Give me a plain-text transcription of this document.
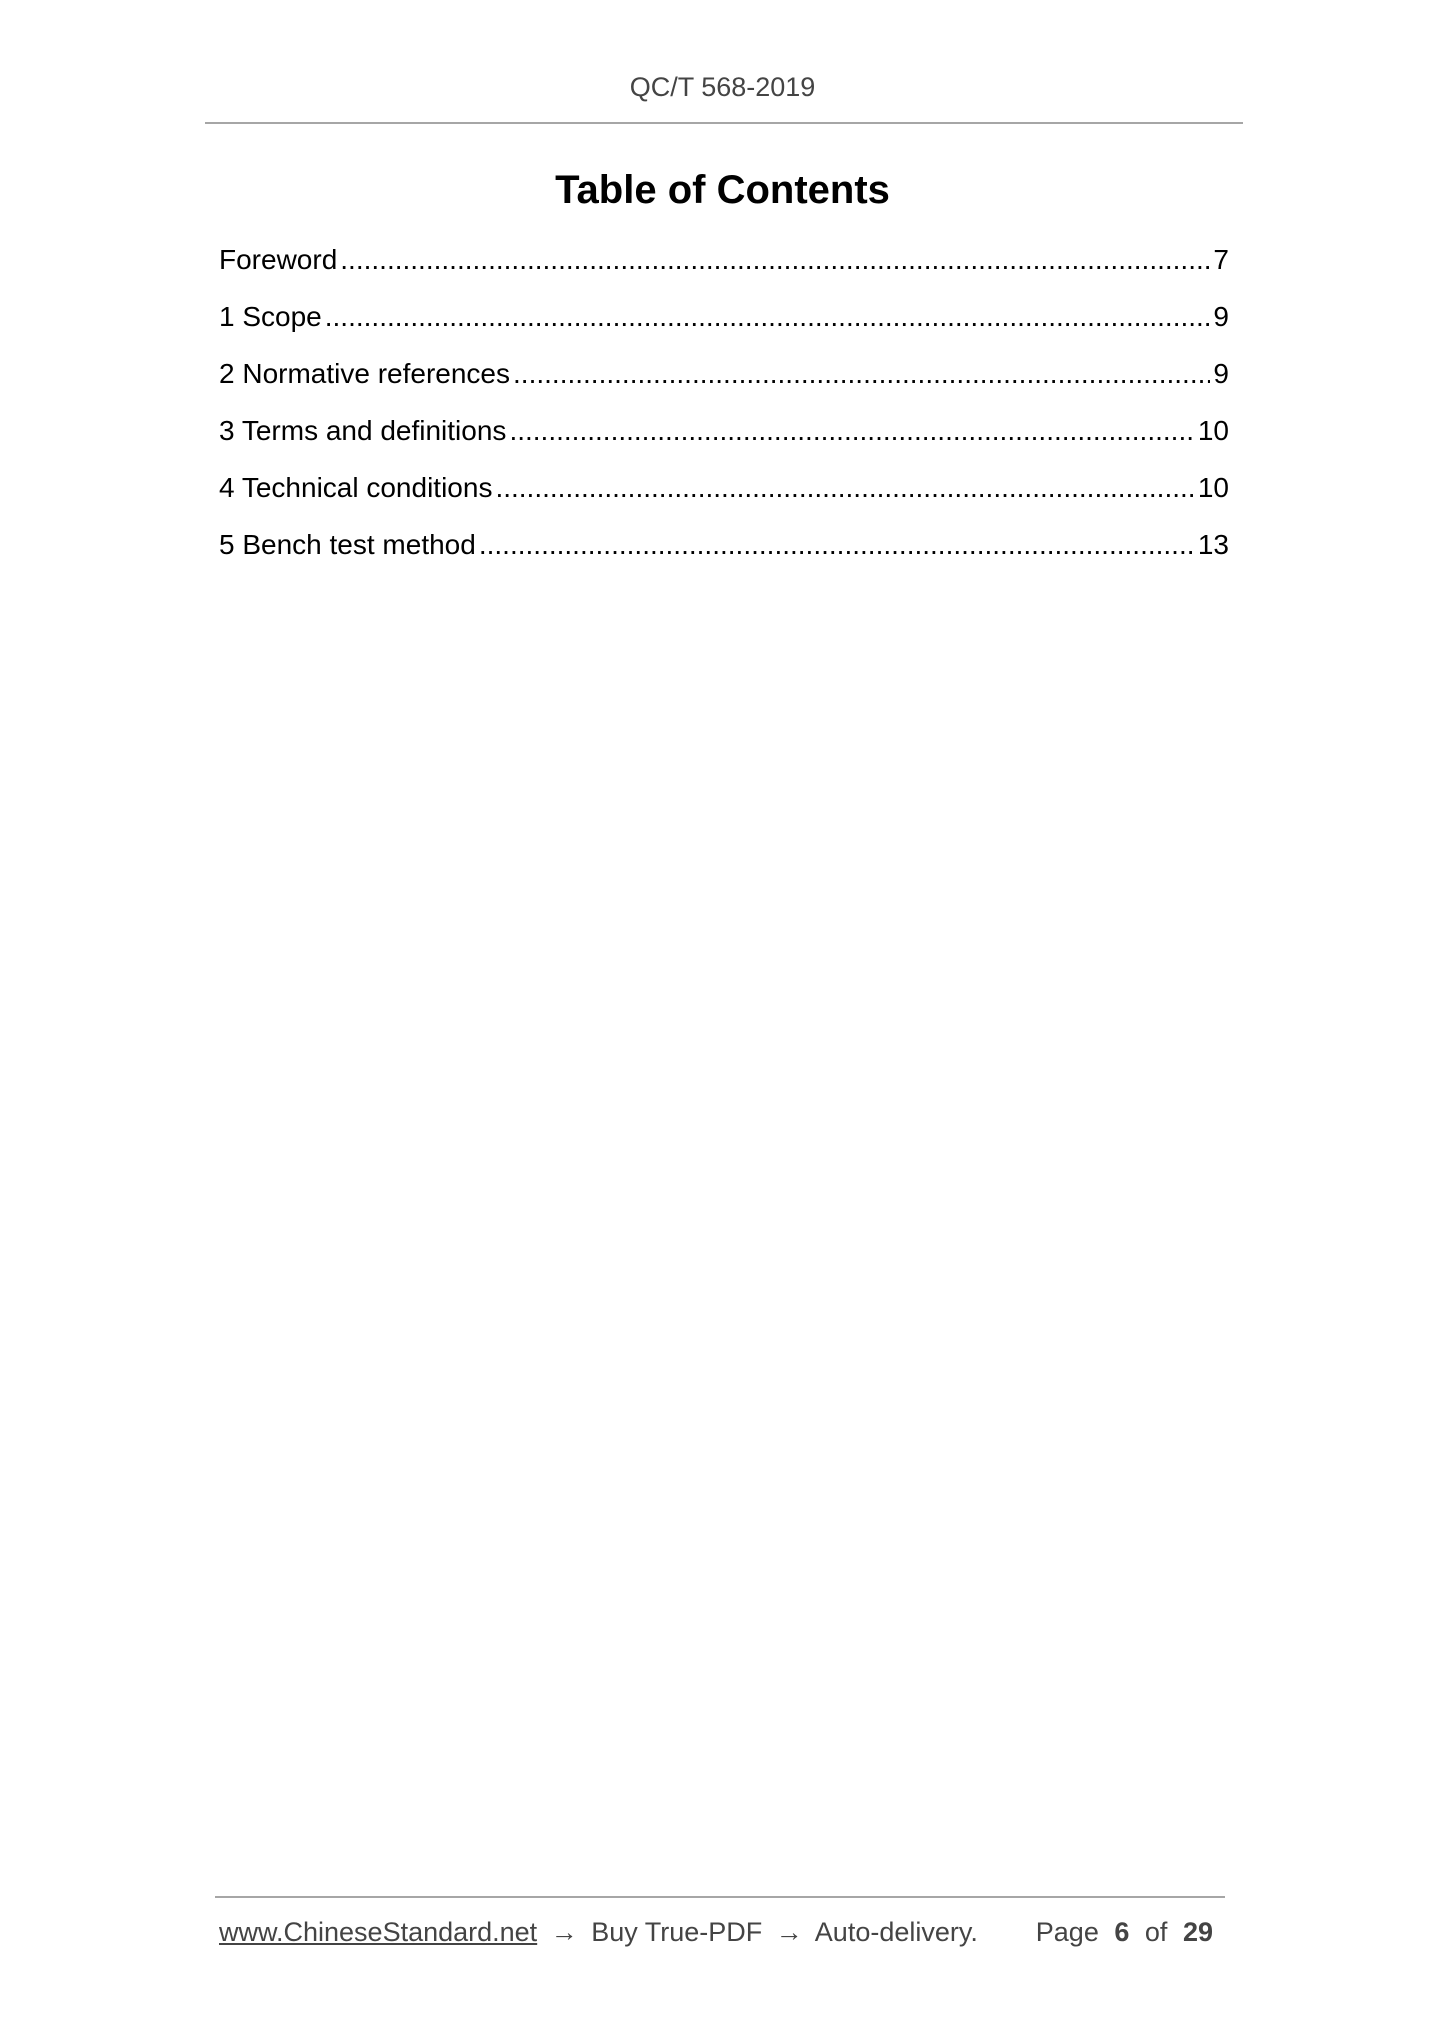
QC/T 568-2019
Table of Contents
Foreword .....	7
1 Scope .....	9
2 Normative references .....	9
3 Terms and definitions .....	10
4 Technical conditions .....	10
5 Bench test method .....	13
www.ChineseStandard.net → Buy True-PDF → Auto-delivery. Page 6 of 29
